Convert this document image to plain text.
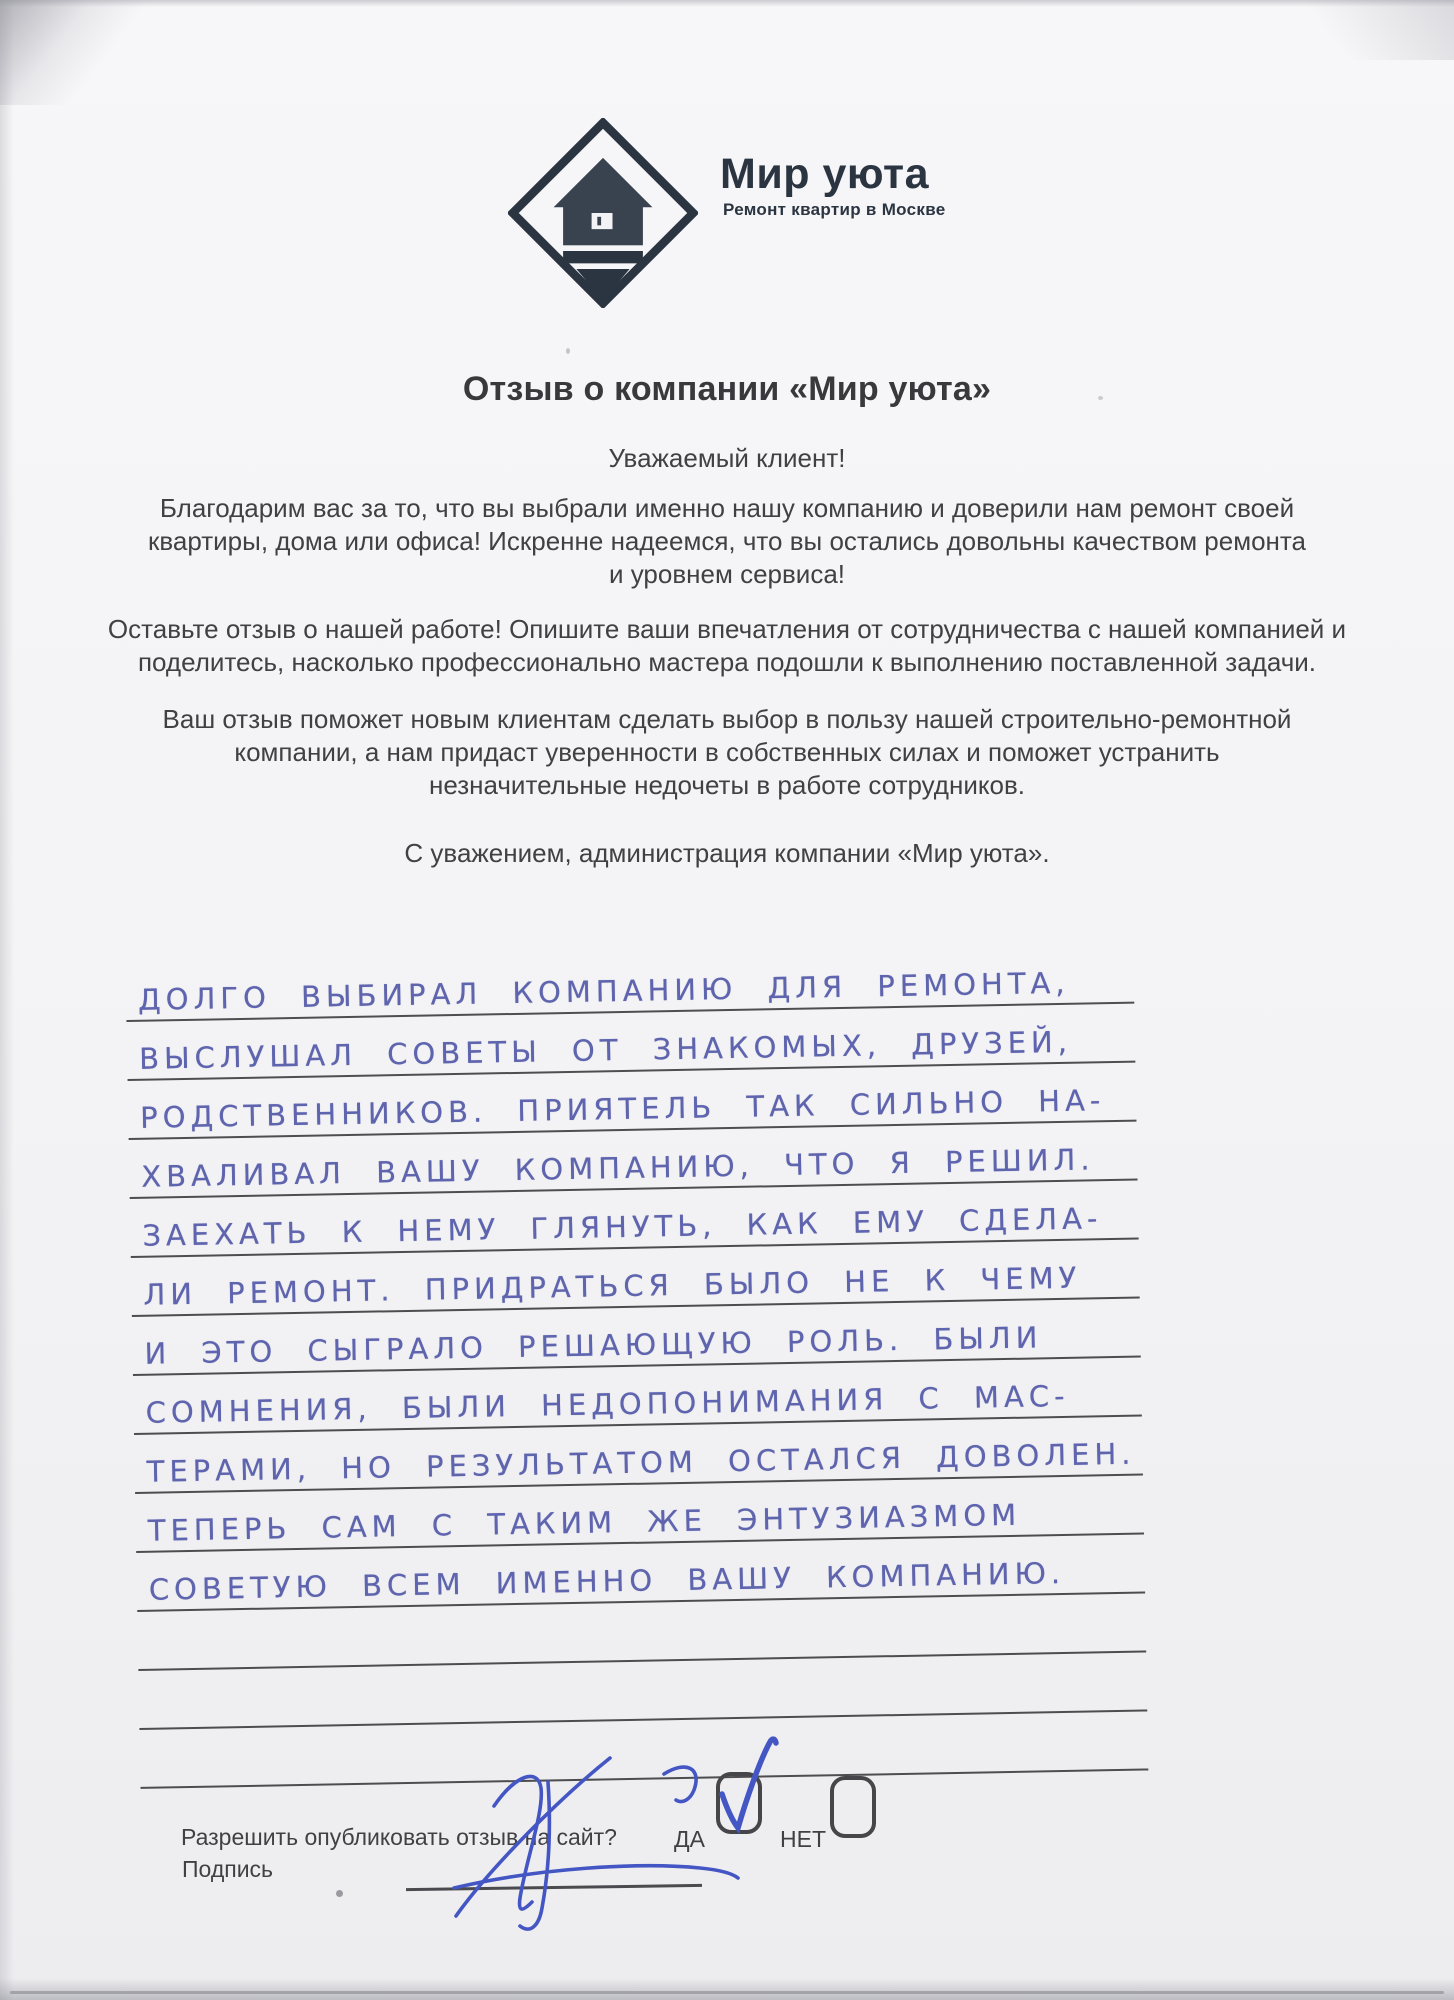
Мир уюта
Ремонт квартир в Москве
Отзыв о компании «Мир уюта»
Уважаемый клиент!

Благодарим вас за то, что вы выбрали именно нашу компанию и доверили нам ремонт своей квартиры, дома или офиса! Искренне надеемся, что вы остались довольны качеством ремонта и уровнем сервиса!

Оставьте отзыв о нашей работе! Опишите ваши впечатления от сотрудничества с нашей компанией и поделитесь, насколько профессионально мастера подошли к выполнению поставленной задачи.

Ваш отзыв поможет новым клиентам сделать выбор в пользу нашей строительно-ремонтной компании, а нам придаст уверенности в собственных силах и поможет устранить незначительные недочеты в работе сотрудников.

С уважением, администрация компании «Мир уюта».
ДОЛГО ВЫБИРАЛ КОМПАНИЮ ДЛЯ РЕМОНТА,
ВЫСЛУШАЛ СОВЕТЫ ОТ ЗНАКОМЫХ, ДРУЗЕЙ,
РОДСТВЕННИКОВ. ПРИЯТЕЛЬ ТАК СИЛЬНО НА-
ХВАЛИВАЛ ВАШУ КОМПАНИЮ, ЧТО Я РЕШИЛ.
ЗАЕХАТЬ К НЕМУ ГЛЯНУТЬ, КАК ЕМУ СДЕЛА-
ЛИ РЕМОНТ. ПРИДРАТЬСЯ БЫЛО НЕ К ЧЕМУ
И ЭТО СЫГРАЛО РЕШАЮЩУЮ РОЛЬ. БЫЛИ
СОМНЕНИЯ, БЫЛИ НЕДОПОНИМАНИЯ С МАС-
ТЕРАМИ, НО РЕЗУЛЬТАТОМ ОСТАЛСЯ ДОВОЛЕН.
ТЕПЕРЬ САМ С ТАКИМ ЖЕ ЭНТУЗИАЗМОМ
СОВЕТУЮ ВСЕМ ИМЕННО ВАШУ КОМПАНИЮ.
Разрешить опубликовать отзыв на сайт? ДА	НЕТ
Подпись
